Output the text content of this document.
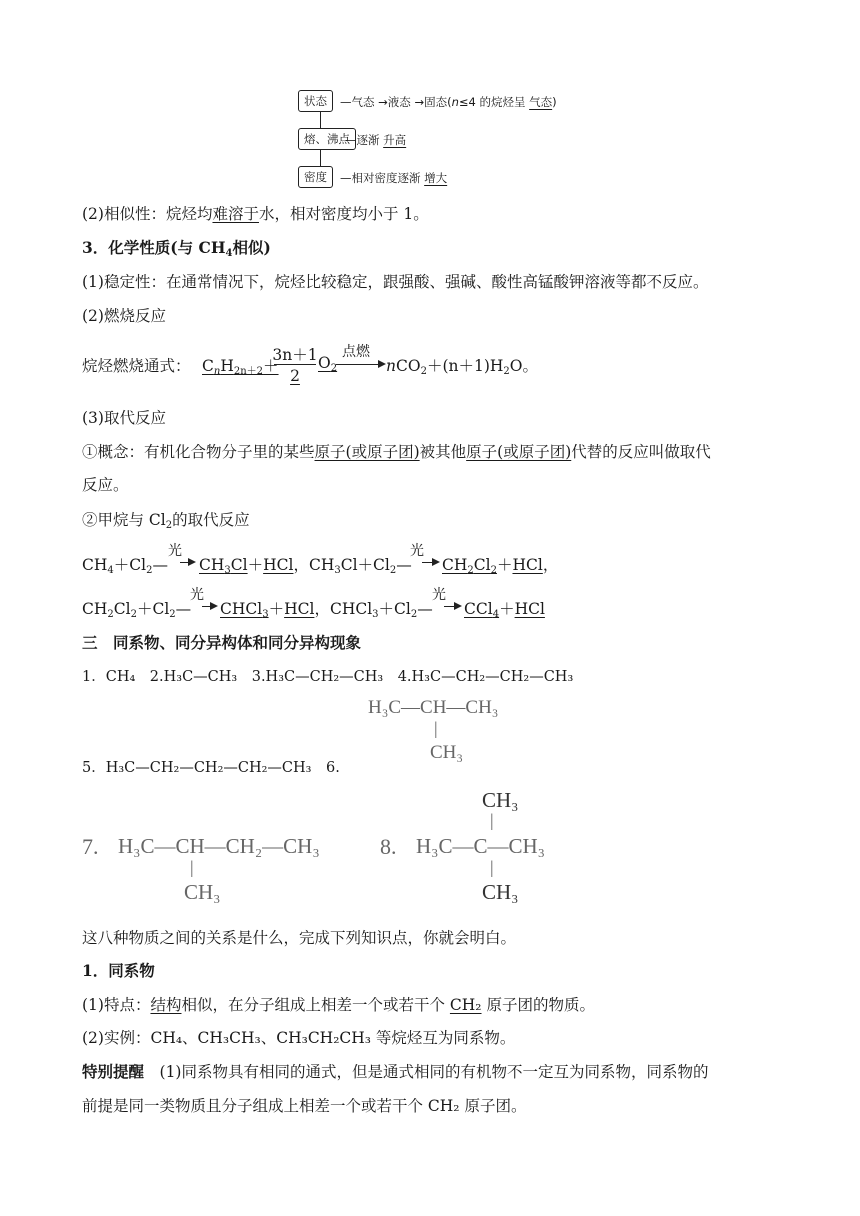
状态	—气态 →液态 →固态(n≤4 的烷烃呈 气态)
熔、沸点
—逐渐 升高
密度	—相对密度逐渐 增大
(2)相似性：烷烃均难溶于水，相对密度均小于 1。
3．化学性质(与 $CH_4$相似)
(1)稳定性：在通常情况下，烷烃比较稳定，跟强酸、强碱、酸性高锰酸钾溶液等都不反应。
(2)燃烧反应
烷烃燃烧通式： $C_nH_{2n+2}+$
3n＋1
2
$O_2$
点燃
$nCO_2+(n+1)H_2O$。
(3)取代反应
①概念：有机化合物分子里的某些原子(或原子团)被其他原子(或原子团)代替的反应叫做取代
反应。
②甲烷与 $Cl_2$的取代反应
$CH_4+Cl_2—$
光
$CH_3Cl+HCl$，$CH_3Cl+Cl_2—$
光
$CH_2Cl_2+HCl$，
$CH_2Cl_2+Cl_2—$
光
CHCl$_3$＋HCl，$CHCl_3+Cl_2—$
光
CCl$_4$＋HCl
三　同系物、同分异构体和同分异构现象
1．CH₄　2.H₃C—CH₃　3.H₃C—CH₂—CH₃　4.H₃C—CH₂—CH₂—CH₃
H₃C—CH—CH₃
|
CH₃
5．H₃C—CH₂—CH₂—CH₂—CH₃　6.
7. H₃C—CH—CH₂—CH₃
|
CH₃
8.
CH₃
|
H₃C—C—CH₃
|
CH₃
这八种物质之间的关系是什么，完成下列知识点，你就会明白。
1．同系物
(1)特点：结构相似，在分子组成上相差一个或若干个 CH₂ 原子团的物质。
(2)实例：CH₄、CH₃CH₃、CH₃CH₂CH₃ 等烷烃互为同系物。
特别提醒　(1)同系物具有相同的通式，但是通式相同的有机物不一定互为同系物，同系物的
前提是同一类物质且分子组成上相差一个或若干个 CH₂ 原子团。
